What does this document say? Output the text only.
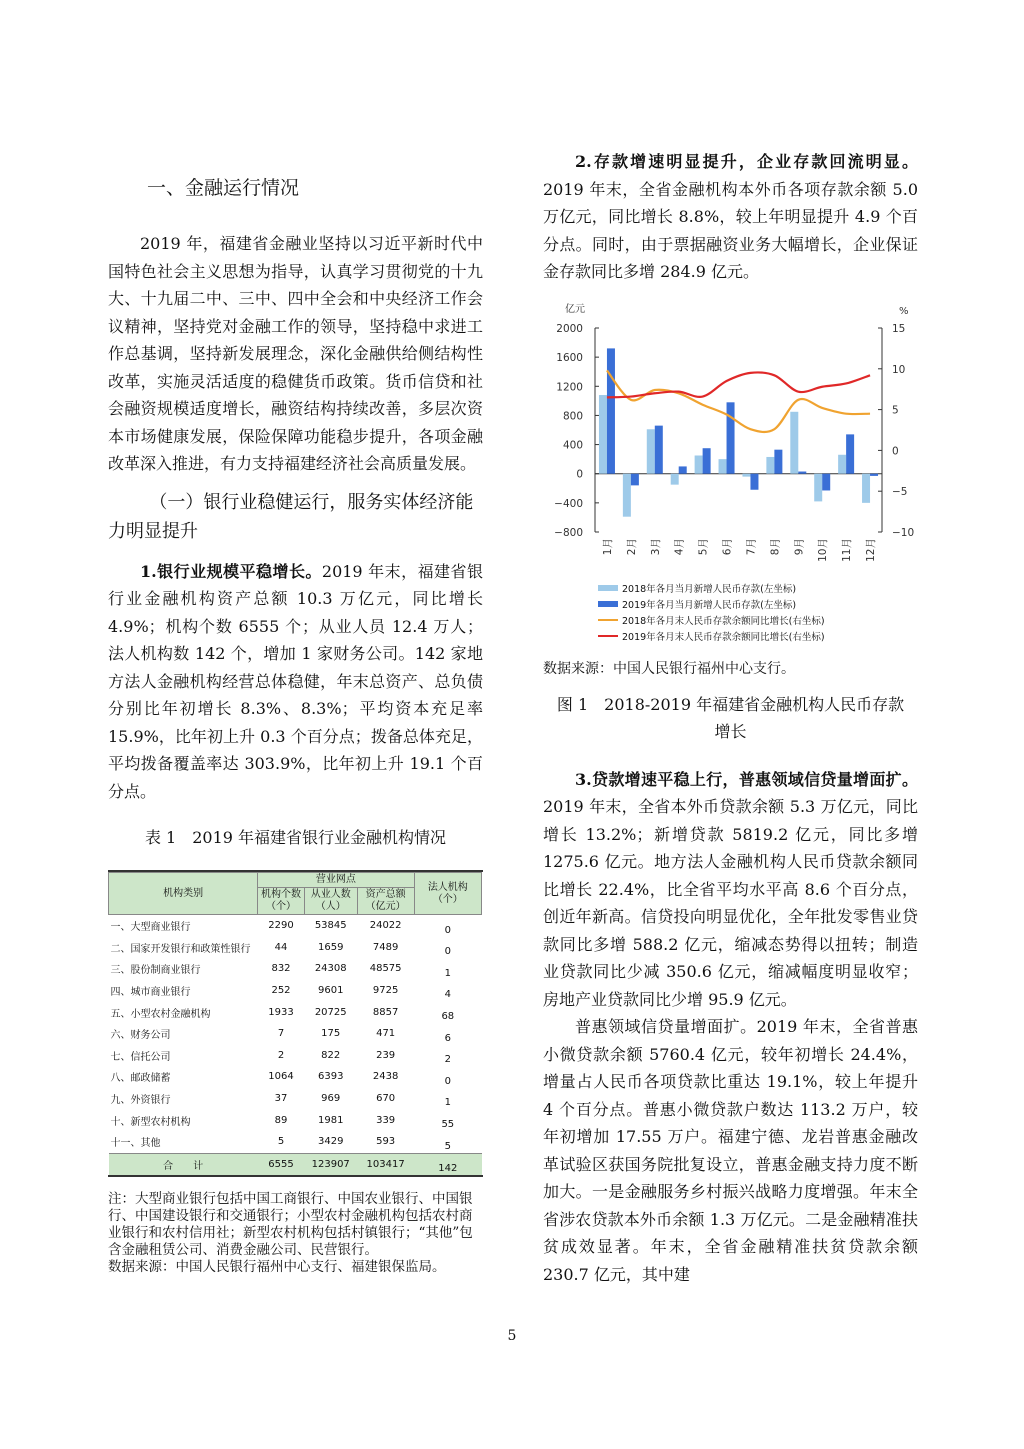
一、金融运行情况

2019 年，福建省金融业坚持以习近平新时代中国特色社会主义思想为指导，认真学习贯彻党的十九大、十九届二中、三中、四中全会和中央经济工作会议精神，坚持党对金融工作的领导，坚持稳中求进工作总基调，坚持新发展理念，深化金融供给侧结构性改革，实施灵活适度的稳健货币政策。货币信贷和社会融资规模适度增长，融资结构持续改善，多层次资本市场健康发展，保险保障功能稳步提升，各项金融改革深入推进，有力支持福建经济社会高质量发展。

（一）银行业稳健运行，服务实体经济能力明显提升

1.银行业规模平稳增长。2019 年末，福建省银行业金融机构资产总额 10.3 万亿元，同比增长 4.9%；机构个数 6555 个；从业人员 12.4 万人；法人机构数 142 个，增加 1 家财务公司。142 家地方法人金融机构经营总体稳健，年末总资产、总负债分别比年初增长 8.3%、8.3%；平均资本充足率 15.9%，比年初上升 0.3 个百分点；拨备总体充足，平均拨备覆盖率达 303.9%，比年初上升 19.1 个百分点。

表 1　2019 年福建省银行业金融机构情况

机构类别	营业网点			法人机构（个）
	机构个数（个）	从业人数（人）	资产总额（亿元）	
一、大型商业银行	2290	53845	24022	0
二、国家开发银行和政策性银行	44	1659	7489	0
三、股份制商业银行	832	24308	48575	1
四、城市商业银行	252	9601	9725	4
五、小型农村金融机构	1933	20725	8857	68
六、财务公司	7	175	471	6
七、信托公司	2	822	239	2
八、邮政储蓄	1064	6393	2438	0
九、外资银行	37	969	670	1
十、新型农村机构	89	1981	339	55
十一、其他	5	3429	593	5
合　　计	6555	123907	103417	142

注：大型商业银行包括中国工商银行、中国农业银行、中国银行、中国建设银行和交通银行；小型农村金融机构包括农村商业银行和农村信用社；新型农村机构包括村镇银行；“其他”包含金融租赁公司、消费金融公司、民营银行。

数据来源：中国人民银行福州中心支行、福建银保监局。

2.存款增速明显提升，企业存款回流明显。2019 年末，全省金融机构本外币各项存款余额 5.0 万亿元，同比增长 8.8%，较上年明显提升 4.9 个百分点。同时，由于票据融资业务大幅增长，企业保证金存款同比多增 284.9 亿元。

亿元	%
2000
1600
1200
800
400
0
−400
−800
15
10
5
0
−5
−10
1月 2月 3月 4月 5月 6月 7月 8月 9月 10月 11月 12月
2018年各月当月新增人民币存款(左坐标)
2019年各月当月新增人民币存款(左坐标)
2018年各月末人民币存款余额同比增长(右坐标)
2019年各月末人民币存款余额同比增长(右坐标)

数据来源：中国人民银行福州中心支行。

图 1　2018-2019 年福建省金融机构人民币存款

增长

3.贷款增速平稳上行，普惠领域信贷量增面扩。2019 年末，全省本外币贷款余额 5.3 万亿元，同比增长 13.2%；新增贷款 5819.2 亿元，同比多增 1275.6 亿元。地方法人金融机构人民币贷款余额同比增长 22.4%，比全省平均水平高 8.6 个百分点，创近年新高。信贷投向明显优化，全年批发零售业贷款同比多增 588.2 亿元，缩减态势得以扭转；制造业贷款同比少减 350.6 亿元，缩减幅度明显收窄；房地产业贷款同比少增 95.9 亿元。

普惠领域信贷量增面扩。2019 年末，全省普惠小微贷款余额 5760.4 亿元，较年初增长 24.4%，增量占人民币各项贷款比重达 19.1%，较上年提升 4 个百分点。普惠小微贷款户数达 113.2 万户，较年初增加 17.55 万户。福建宁德、龙岩普惠金融改革试验区获国务院批复设立，普惠金融支持力度不断加大。一是金融服务乡村振兴战略力度增强。年末全省涉农贷款本外币余额 1.3 万亿元。二是金融精准扶贫成效显著。年末，全省金融精准扶贫贷款余额 230.7 亿元，其中建

5
